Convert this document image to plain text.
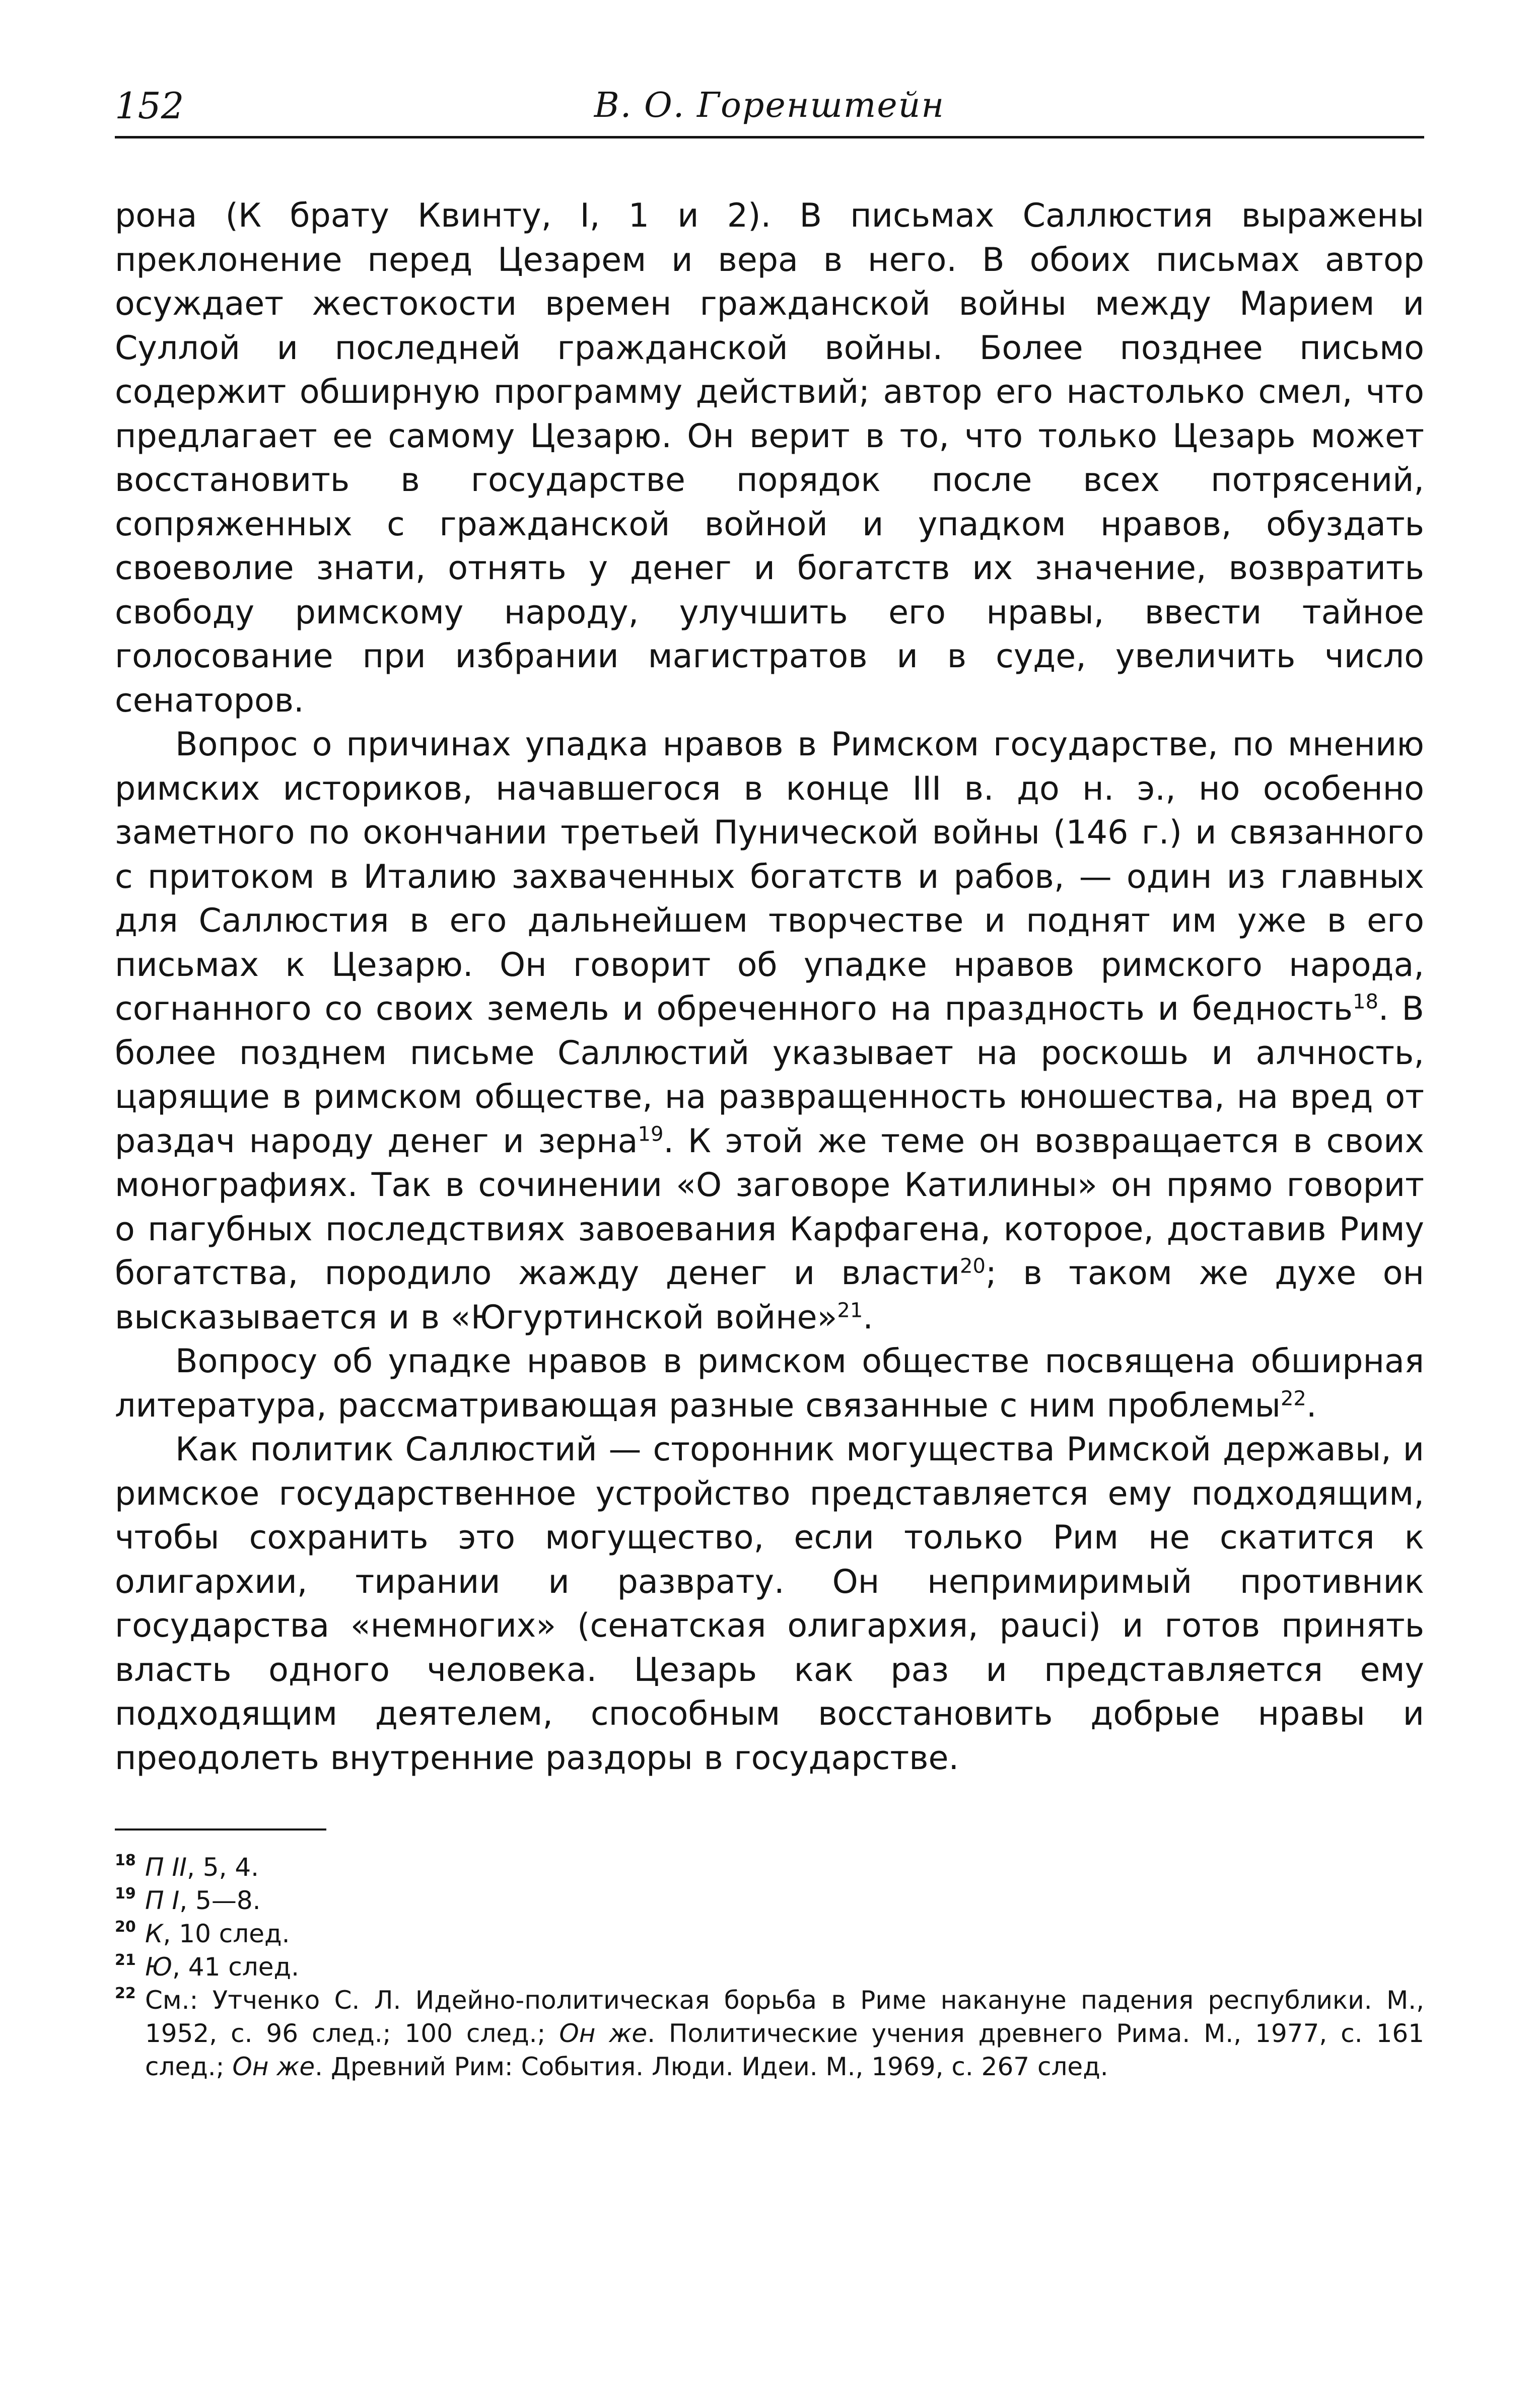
152	В. О. Горенштейн

рона (К брату Квинту, I, 1 и 2). В письмах Саллюстия выражены преклонение перед Цезарем и вера в него. В обоих письмах автор осуждает жестокости времен гражданской войны между Марием и Суллой и последней гражданской войны. Более позднее письмо содержит обширную программу действий; автор его настолько смел, что предлагает ее самому Цезарю. Он верит в то, что только Цезарь может восстановить в государстве порядок после всех потрясений, сопряженных с гражданской войной и упадком нравов, обуздать своеволие знати, отнять у денег и богатств их значение, возвратить свободу римскому народу, улучшить его нравы, ввести тайное голосование при избрании магистратов и в суде, увеличить число сенаторов.

Вопрос о причинах упадка нравов в Римском государстве, по мнению римских историков, начавшегося в конце III в. до н. э., но особенно заметного по окончании третьей Пунической войны (146 г.) и связанного с притоком в Италию захваченных богатств и рабов, — один из главных для Саллюстия в его дальнейшем творчестве и поднят им уже в его письмах к Цезарю. Он говорит об упадке нравов римского народа, согнанного со своих земель и обреченного на праздность и бедность$^{18}$. В более позднем письме Саллюстий указывает на роскошь и алчность, царящие в римском обществе, на развращенность юношества, на вред от раздач народу денег и зерна$^{19}$. К этой же теме он возвращается в своих монографиях. Так в сочинении «О заговоре Катилины» он прямо говорит о пагубных последствиях завоевания Карфагена, которое, доставив Риму богатства, породило жажду денег и власти$^{20}$; в таком же духе он высказывается и в «Югуртинской войне»$^{21}$.

Вопросу об упадке нравов в римском обществе посвящена обширная литература, рассматривающая разные связанные с ним проблемы$^{22}$.

Как политик Саллюстий — сторонник могущества Римской державы, и римское государственное устройство представляется ему подходящим, чтобы сохранить это могущество, если только Рим не скатится к олигархии, тирании и разврату. Он непримиримый противник государства «немногих» (сенатская олигархия, pauci) и готов принять власть одного человека. Цезарь как раз и представляется ему подходящим деятелем, способным восстановить добрые нравы и преодолеть внутренние раздоры в государстве.

18 П II, 5, 4.
19 П I, 5—8.
20 К, 10 след.
21 Ю, 41 след.
22 См.: Утченко С. Л. Идейно-политическая борьба в Риме накануне падения республики. М., 1952, с. 96 след.; 100 след.; Он же. Политические учения древнего Рима. М., 1977, с. 161 след.; Он же. Древний Рим: События. Люди. Идеи. М., 1969, с. 267 след.
